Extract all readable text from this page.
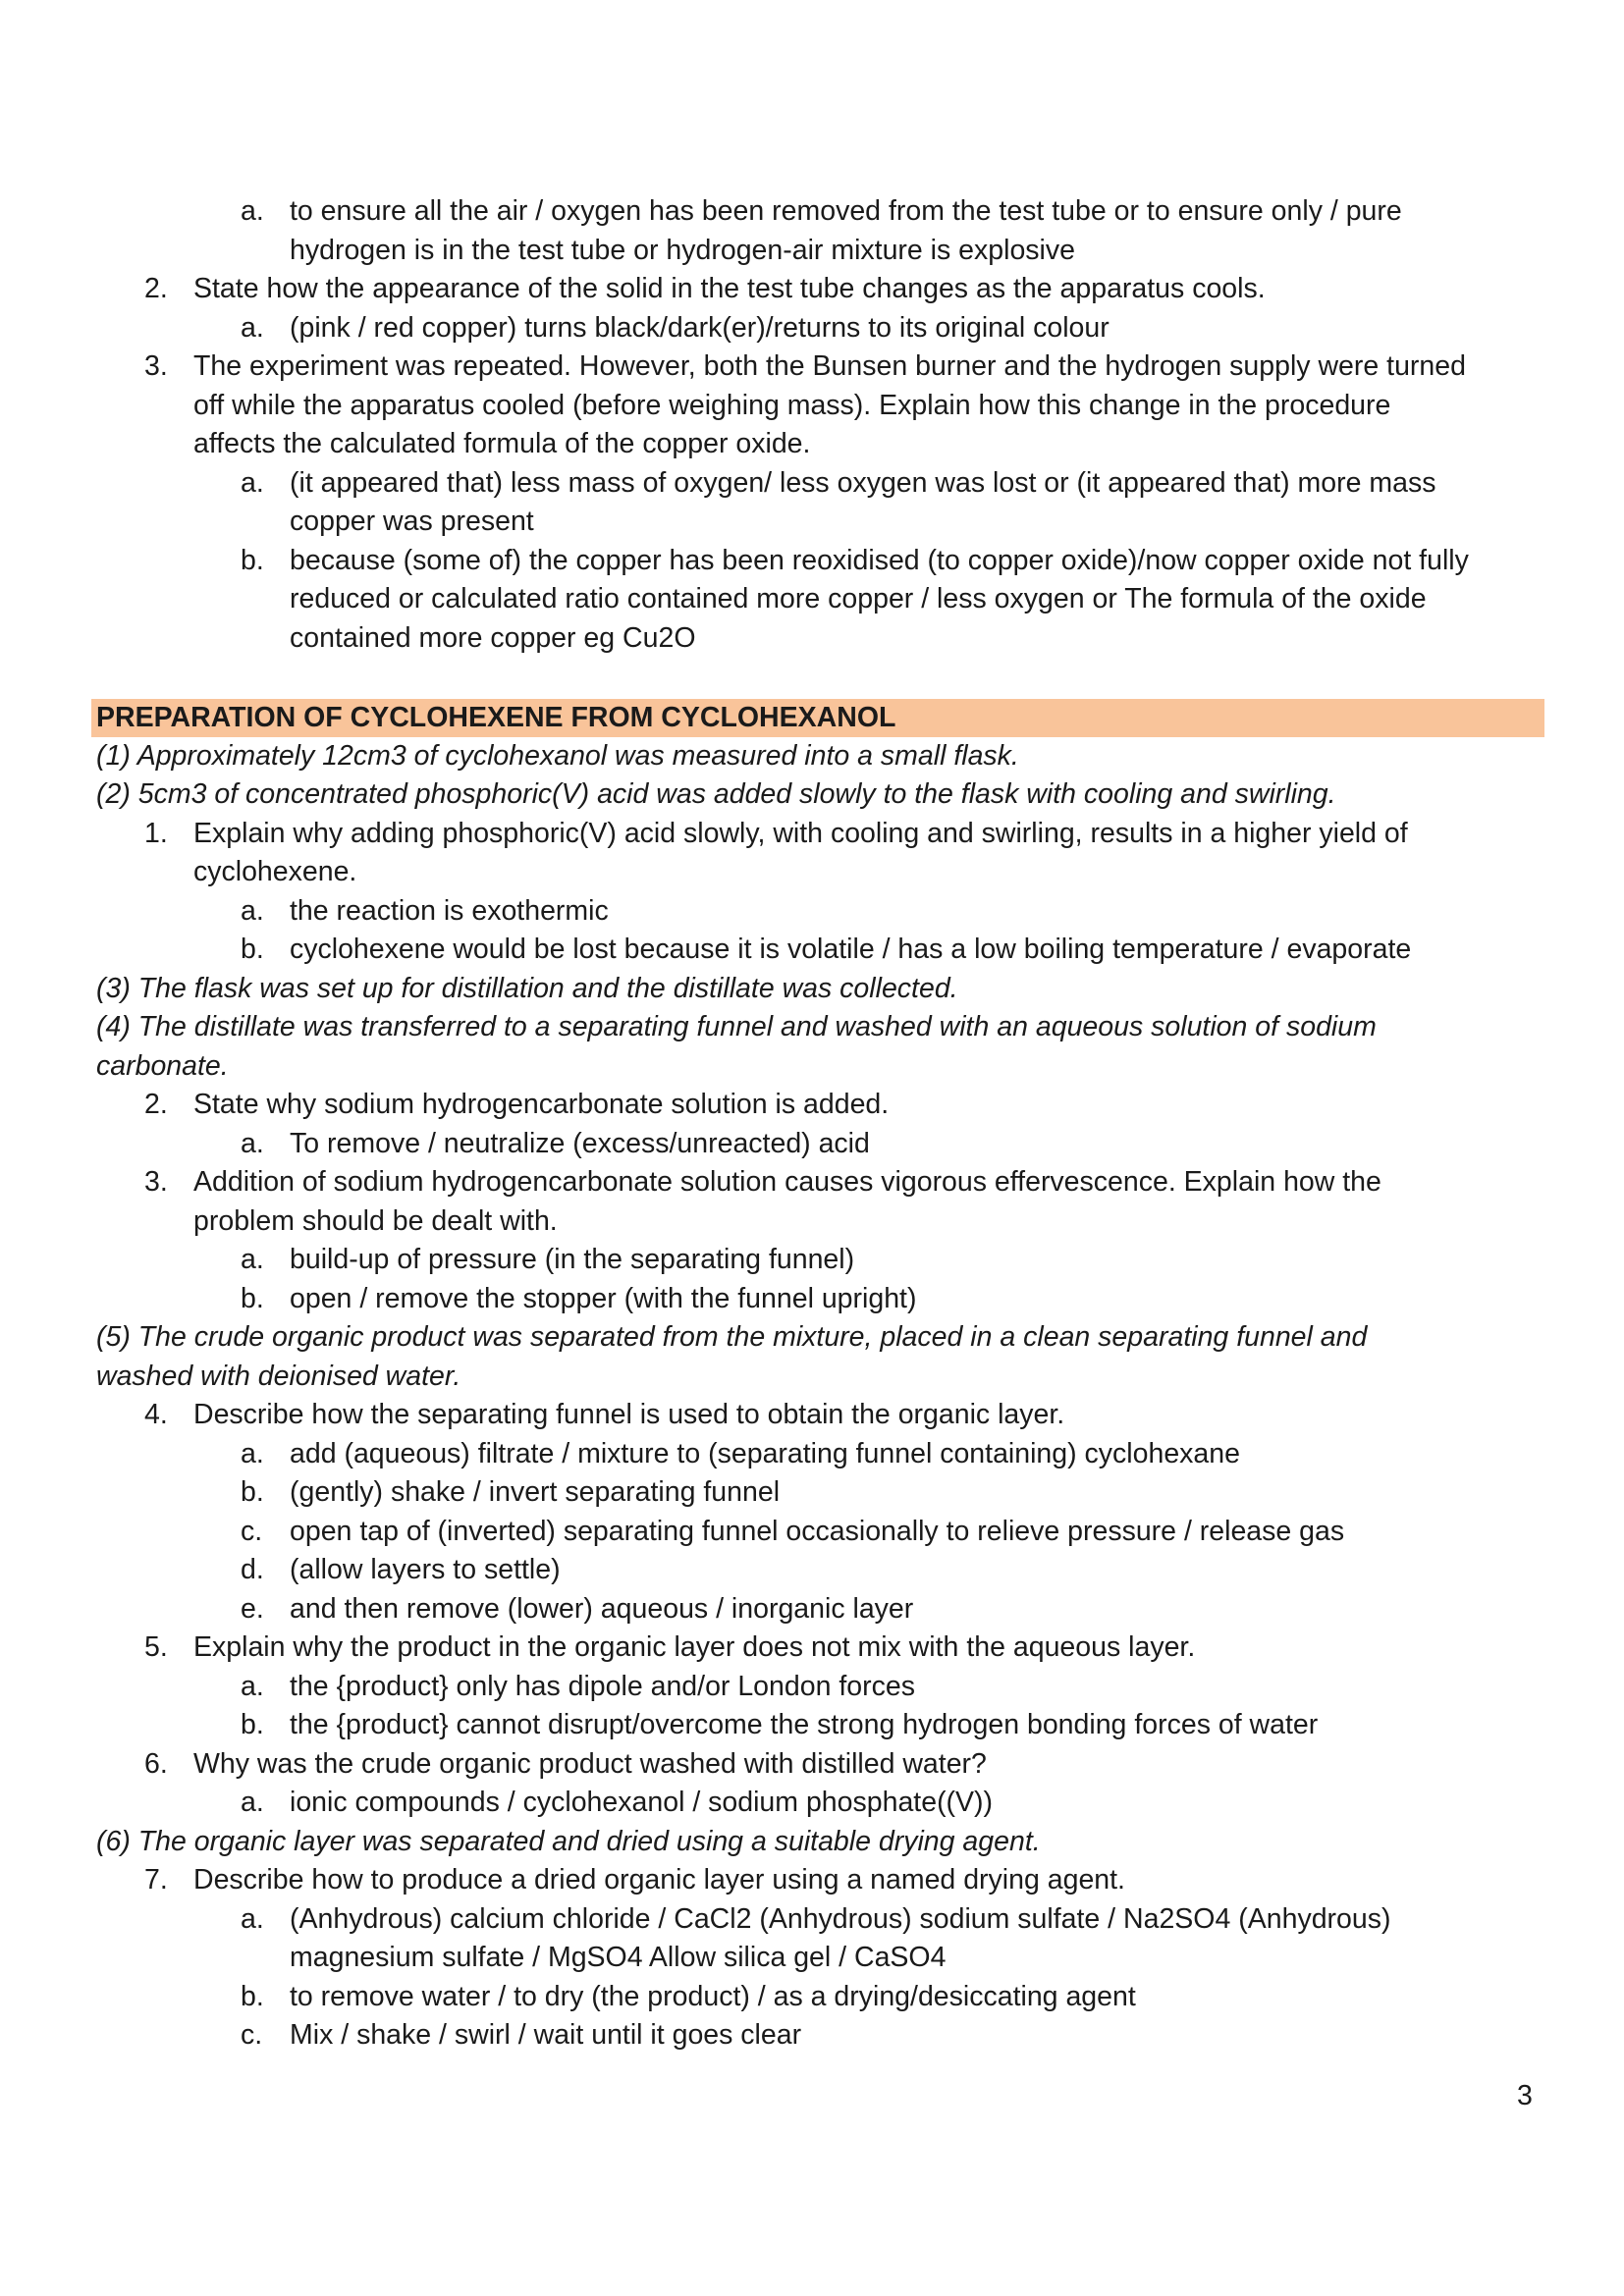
a. to ensure all the air / oxygen has been removed from the test tube or to ensure only / pure
hydrogen is in the test tube or hydrogen-air mixture is explosive
2. State how the appearance of the solid in the test tube changes as the apparatus cools.
a. (pink / red copper) turns black/dark(er)/returns to its original colour
3. The experiment was repeated. However, both the Bunsen burner and the hydrogen supply were turned
off while the apparatus cooled (before weighing mass). Explain how this change in the procedure
affects the calculated formula of the copper oxide.
a. (it appeared that) less mass of oxygen/ less oxygen was lost or (it appeared that) more mass
copper was present
b. because (some of) the copper has been reoxidised (to copper oxide)/now copper oxide not fully
reduced or calculated ratio contained more copper / less oxygen or The formula of the oxide
contained more copper eg Cu2O
PREPARATION OF CYCLOHEXENE FROM CYCLOHEXANOL
(1) Approximately 12cm3 of cyclohexanol was measured into a small flask.
(2) 5cm3 of concentrated phosphoric(V) acid was added slowly to the flask with cooling and swirling.
1. Explain why adding phosphoric(V) acid slowly, with cooling and swirling, results in a higher yield of
cyclohexene.
a. the reaction is exothermic
b. cyclohexene would be lost because it is volatile / has a low boiling temperature / evaporate
(3) The flask was set up for distillation and the distillate was collected.
(4) The distillate was transferred to a separating funnel and washed with an aqueous solution of sodium
carbonate.
2. State why sodium hydrogencarbonate solution is added.
a. To remove / neutralize (excess/unreacted) acid
3. Addition of sodium hydrogencarbonate solution causes vigorous effervescence. Explain how the
problem should be dealt with.
a. build-up of pressure (in the separating funnel)
b. open / remove the stopper (with the funnel upright)
(5) The crude organic product was separated from the mixture, placed in a clean separating funnel and
washed with deionised water.
4. Describe how the separating funnel is used to obtain the organic layer.
a. add (aqueous) filtrate / mixture to (separating funnel containing) cyclohexane
b. (gently) shake / invert separating funnel
c. open tap of (inverted) separating funnel occasionally to relieve pressure / release gas
d. (allow layers to settle)
e. and then remove (lower) aqueous / inorganic layer
5. Explain why the product in the organic layer does not mix with the aqueous layer.
a. the {product} only has dipole and/or London forces
b. the {product} cannot disrupt/overcome the strong hydrogen bonding forces of water
6. Why was the crude organic product washed with distilled water?
a. ionic compounds / cyclohexanol / sodium phosphate((V))
(6) The organic layer was separated and dried using a suitable drying agent.
7. Describe how to produce a dried organic layer using a named drying agent.
a. (Anhydrous) calcium chloride / CaCl2 (Anhydrous) sodium sulfate / Na2SO4 (Anhydrous)
magnesium sulfate / MgSO4 Allow silica gel / CaSO4
b. to remove water / to dry (the product) / as a drying/desiccating agent
c. Mix / shake / swirl / wait until it goes clear
3
